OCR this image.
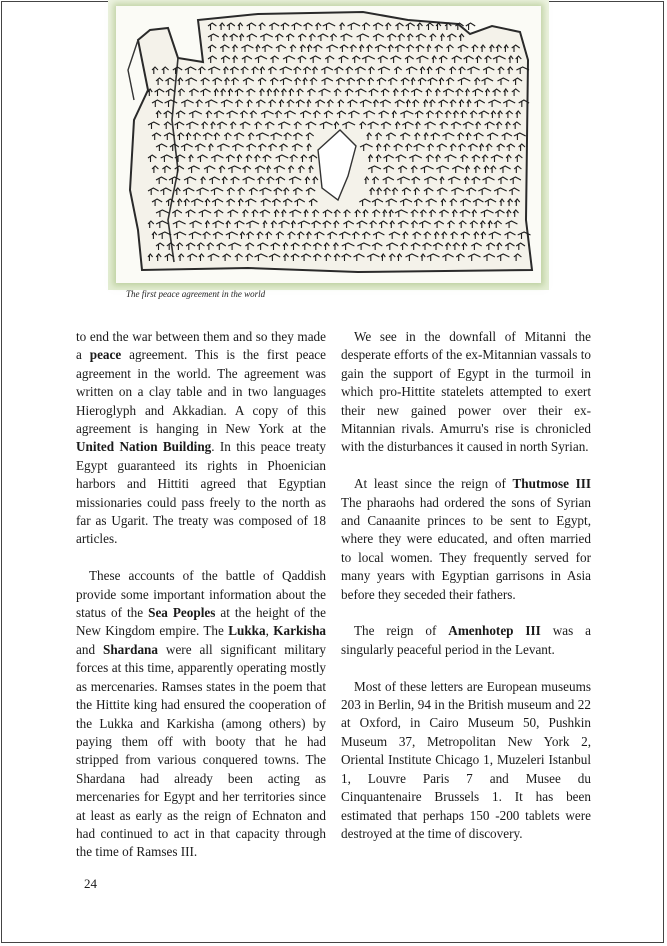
The first peace agreement in the world

to end the war between them and so they made a peace agreement. This is the first peace agreement in the world. The agreement was written on a clay table and in two languages Hieroglyph and Akkadian. A copy of this agreement is hanging in New York at the United Nation Building. In this peace treaty Egypt guaranteed its rights in Phoenician harbors and Hittiti agreed that Egyptian missionaries could pass freely to the north as far as Ugarit. The treaty was composed of 18 articles.

These accounts of the battle of Qaddish provide some important information about the status of the Sea Peoples at the height of the New Kingdom empire. The Lukka, Karkisha and Shardana were all significant military forces at this time, apparently operating mostly as mercenaries. Ramses states in the poem that the Hittite king had ensured the cooperation of the Lukka and Karkisha (among others) by paying them off with booty that he had stripped from various conquered towns. The Shardana had already been acting as mercenaries for Egypt and her territories since at least as early as the reign of Echnaton and had continued to act in that capacity through the time of Ramses III.

We see in the downfall of Mitanni the desperate efforts of the ex-Mitannian vassals to gain the support of Egypt in the turmoil in which pro-Hittite statelets attempted to exert their new gained power over their ex-Mitannian rivals. Amurru's rise is chronicled with the disturbances it caused in north Syrian.

At least since the reign of Thutmose III The pharaohs had ordered the sons of Syrian and Canaanite princes to be sent to Egypt, where they were educated, and often married to local women. They frequently served for many years with Egyptian garrisons in Asia before they seceded their fathers.

The reign of Amenhotep III was a singularly peaceful period in the Levant.

Most of these letters are European museums 203 in Berlin, 94 in the British museum and 22 at Oxford, in Cairo Museum 50, Pushkin Museum 37, Metropolitan New York 2, Oriental Institute Chicago 1, Muzeleri Istanbul 1, Louvre Paris 7 and Musee du Cinquantenaire Brussels 1. It has been estimated that perhaps 150 -200 tablets were destroyed at the time of discovery.

24
